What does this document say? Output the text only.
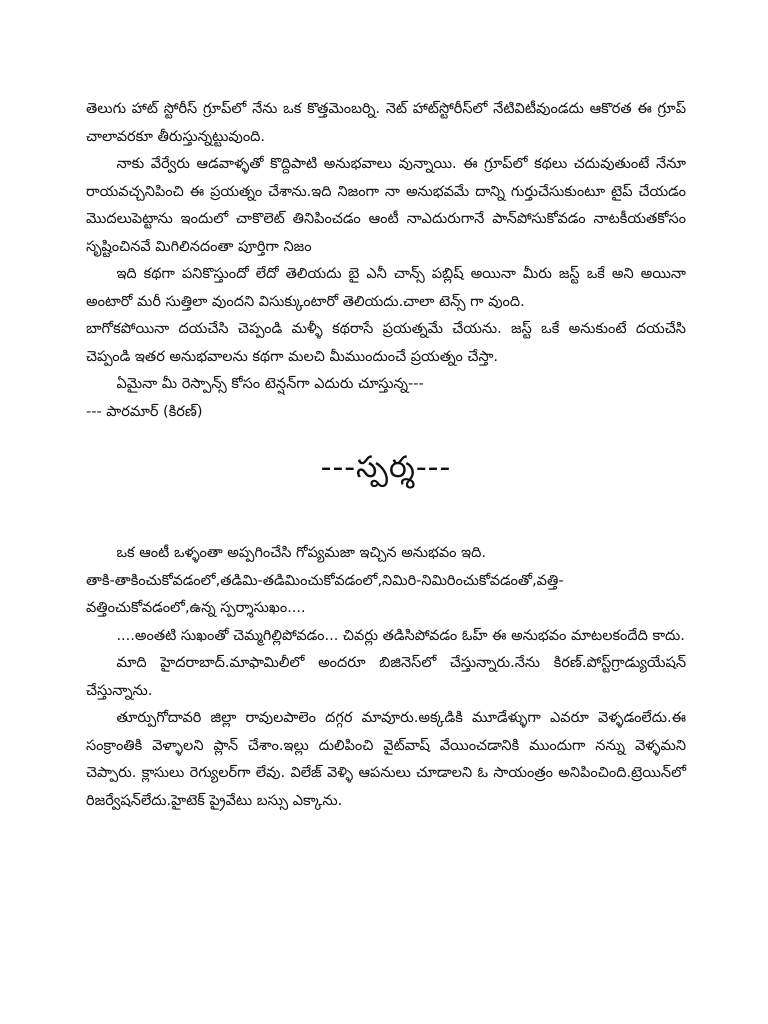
తెలుగు హాట్ స్టోరీస్ గ్రూప్‌లో నేను ఒక కొత్తమెంబర్ని. నెట్ హాట్‌స్టోరీస్‌లో నేటివిటీవుండదు ఆకొరత ఈ గ్రూప్ చాలావరకూ తీరుస్తున్నట్టువుంది.

నాకు వేర్వేరు ఆడవాళ్ళతో కొద్దిపాటి అనుభవాలు వున్నాయి. ఈ గ్రూప్‌లో కథలు చదువుతుంటే నేనూ రాయవచ్చనిపించి ఈ ప్రయత్నం చేశాను.ఇది నిజంగా నా అనుభవమే దాన్ని గుర్తుచేసుకుంటూ టైప్ చేయడం మొదలుపెట్టాను ఇందులో చాకొలెట్ తినిపించడం ఆంటీ నాఎదురుగానే పాన్‌పోసుకోవడం నాటకీయతకోసం సృష్టించినవే మిగిలినదంతా పూర్తిగా నిజం

ఇది కథగా పనికొస్తుందో లేదో తెలియదు బై ఎనీ చాన్స్ పబ్లిష్ అయినా మీరు జస్ట్ ఒకే అని అయినా అంటారో మరీ సుత్తిలా వుందని విసుక్కుంటారో తెలియదు.చాలా టెన్స్ గా వుంది.

బాగోకపోయినా దయచేసి చెప్పండి మళ్ళీ కథరాసే ప్రయత్నమే చేయను. జస్ట్ ఒకే అనుకుంటే దయచేసి చెప్పండి ఇతర అనుభవాలను కథగా మలచి మీముందుంచే ప్రయత్నం చేస్తా.

ఏమైనా మీ రెస్పాన్స్ కోసం టెన్షన్‌గా ఎదురు చూస్తున్న---

--- పారమార్ (కిరణ్)

---స్పర్శ---

ఒక ఆంటీ ఒళ్ళంతా అప్పగించేసి గోప్యమజా ఇచ్చిన అనుభవం ఇది.

తాకి-తాకించుకోవడంలో,తడిమి-తడిమించుకోవడంలో,నిమిరి-నిమిరించుకోవడంతో,వత్తి-వత్తించుకోవడంలో,ఉన్న స్పర్శాసుఖం....

....అంతటి సుఖంతో చెమ్మగిల్లిపోవడం... చివర్లు తడిసిపోవడం ఓహ్ ఈ అనుభవం మాటలకందేది కాదు.

మాది హైదరాబాద్.మాఫామిలీలో అందరూ బిజినెస్‌లో చేస్తున్నారు.నేను కిరణ్.పోస్ట్‌గ్రాడ్యుయేషన్ చేస్తున్నాను.

తూర్పుగోదావరి జిల్లా రావులపాలెం దగ్గర మావూరు.అక్కడికి మూడేళ్ళుగా ఎవరూ వెళ్ళడంలేదు.ఈ సంక్రాంతికి వెళ్ళాలని ప్లాన్ చేశాం.ఇల్లు దులిపించి వైట్‌వాష్ వేయించడానికి ముందుగా నన్ను వెళ్ళమని చెప్పారు. క్లాసులు రెగ్యులర్‌గా లేవు. విలేజ్ వెళ్ళి ఆపనులు చూడాలని ఓ సాయంత్రం అనిపించింది.ట్రెయిన్‌లో రిజర్వేషన్‌లేదు.హైటెక్ ప్రైవేటు బస్సు ఎక్కాను.
